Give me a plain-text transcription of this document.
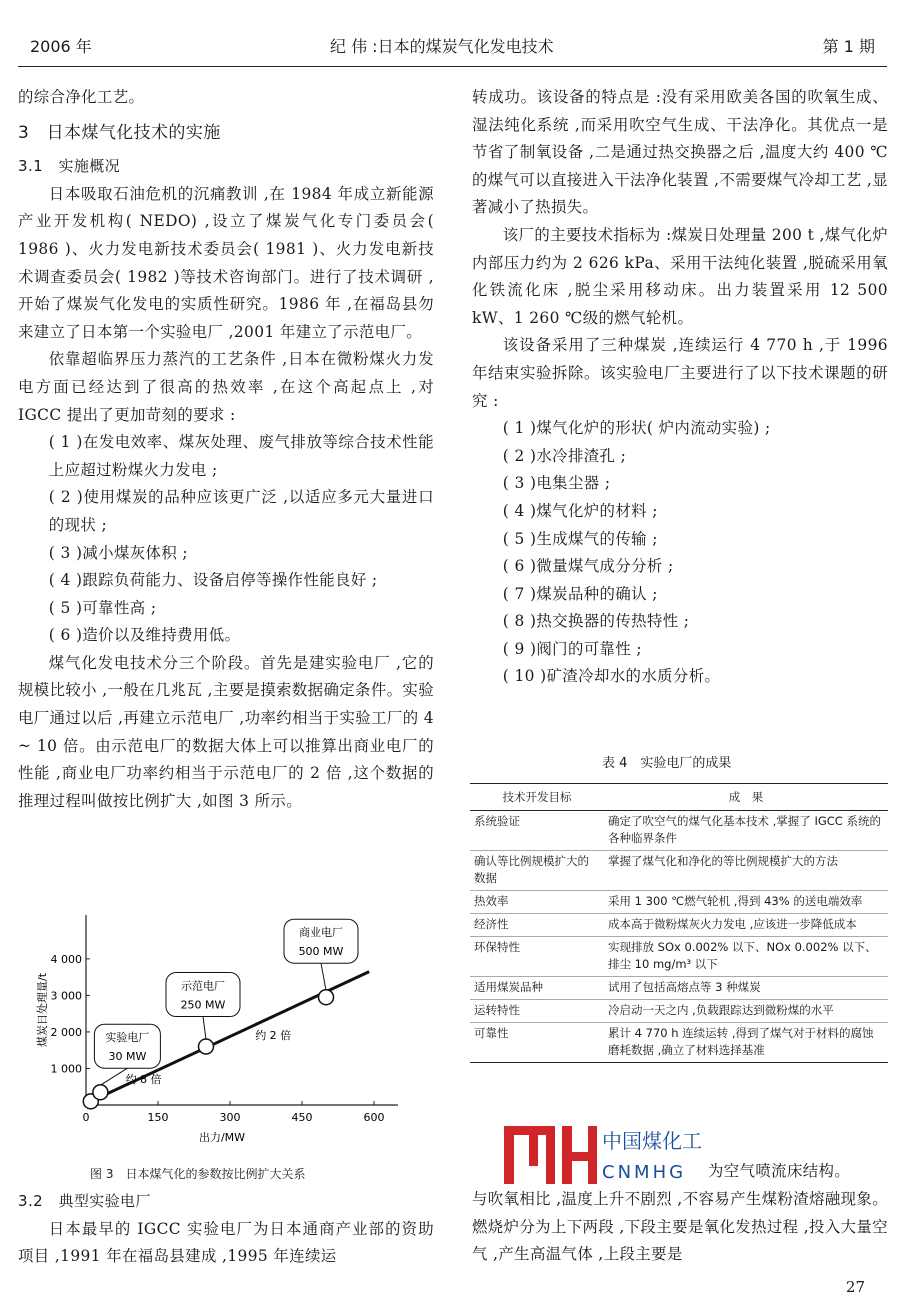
2006 年	纪 伟 :日本的煤炭气化发电技术	第 1 期

的综合净化工艺。

3　日本煤气化技术的实施

3.1　实施概况

日本吸取石油危机的沉痛教训 ,在 1984 年成立新能源产业开发机构( NEDO) ,设立了煤炭气化专门委员会( 1986 )、火力发电新技术委员会( 1981 )、火力发电新技术调查委员会( 1982 )等技术咨询部门。进行了技术调研 ,开始了煤炭气化发电的实质性研究。1986 年 ,在福岛县勿来建立了日本第一个实验电厂 ,2001 年建立了示范电厂。

依靠超临界压力蒸汽的工艺条件 ,日本在微粉煤火力发电方面已经达到了很高的热效率 ,在这个高起点上 ,对 IGCC 提出了更加苛刻的要求 :

( 1 )在发电效率、煤灰处理、废气排放等综合技术性能上应超过粉煤火力发电 ;

( 2 )使用煤炭的品种应该更广泛 ,以适应多元大量进口的现状 ;

( 3 )减小煤灰体积 ;

( 4 )跟踪负荷能力、设备启停等操作性能良好 ;

( 5 )可靠性高 ;

( 6 )造价以及维持费用低。

煤气化发电技术分三个阶段。首先是建实验电厂 ,它的规模比较小 ,一般在几兆瓦 ,主要是摸索数据确定条件。实验电厂通过以后 ,再建立示范电厂 ,功率约相当于实验工厂的 4 ~ 10 倍。由示范电厂的数据大体上可以推算出商业电厂的性能 ,商业电厂功率约相当于示范电厂的 2 倍 ,这个数据的推理过程叫做按比例扩大 ,如图 3 所示。

0	150	300	450	600
1 000
2 000
3 000
4 000
出力/MW
煤炭日处理量/t	实验电厂
30 MW
示范电厂
250 MW
商业电厂
500 MW
约 8 倍
约 2 倍
图 3　日本煤气化的参数按比例扩大关系

3.2　典型实验电厂

日本最早的 IGCC 实验电厂为日本通商产业部的资助项目 ,1991 年在福岛县建成 ,1995 年连续运

转成功。该设备的特点是 :没有采用欧美各国的吹氧生成、湿法纯化系统 ,而采用吹空气生成、干法净化。其优点一是节省了制氧设备 ,二是通过热交换器之后 ,温度大约 400 ℃的煤气可以直接进入干法净化装置 ,不需要煤气冷却工艺 ,显著减小了热损失。

该厂的主要技术指标为 :煤炭日处理量 200 t ,煤气化炉内部压力约为 2 626 kPa、采用干法纯化装置 ,脱硫采用氧化铁流化床 ,脱尘采用移动床。出力装置采用 12 500 kW、1 260 ℃级的燃气轮机。

该设备采用了三种煤炭 ,连续运行 4 770 h ,于 1996 年结束实验拆除。该实验电厂主要进行了以下技术课题的研究 :

( 1 )煤气化炉的形状( 炉内流动实验) ;

( 2 )水冷排渣孔 ;

( 3 )电集尘器 ;

( 4 )煤气化炉的材料 ;

( 5 )生成煤气的传输 ;

( 6 )微量煤气成分分析 ;

( 7 )煤炭品种的确认 ;

( 8 )热交换器的传热特性 ;

( 9 )阀门的可靠性 ;

( 10 )矿渣冷却水的水质分析。

表 4　实验电厂的成果
技术开发目标	成　果
系统验证	确定了吹空气的煤气化基本技术 ,掌握了 IGCC 系统的各种临界条件
确认等比例规模扩大的数据	掌握了煤气化和净化的等比例规模扩大的方法
热效率	采用 1 300 ℃燃气轮机 ,得到 43% 的送电端效率
经济性	成本高于微粉煤灰火力发电 ,应该进一步降低成本
环保特性	实现排放 SOx 0.002% 以下、NOx 0.002% 以下、排尘 10 mg/m³ 以下
适用煤炭品种	试用了包括高熔点等 3 种煤炭
运转特性	冷启动一天之内 ,负载跟踪达到微粉煤的水平
可靠性	累计 4 770 h 连续运转 ,得到了煤气对于材料的腐蚀磨耗数据 ,确立了材料选择基准
中国煤化工
CNMHG 为空气喷流床结构。

与吹氧相比 ,温度上升不剧烈 ,不容易产生煤粉渣熔融现象。燃烧炉分为上下两段 ,下段主要是氧化发热过程 ,投入大量空气 ,产生高温气体 ,上段主要是

27
